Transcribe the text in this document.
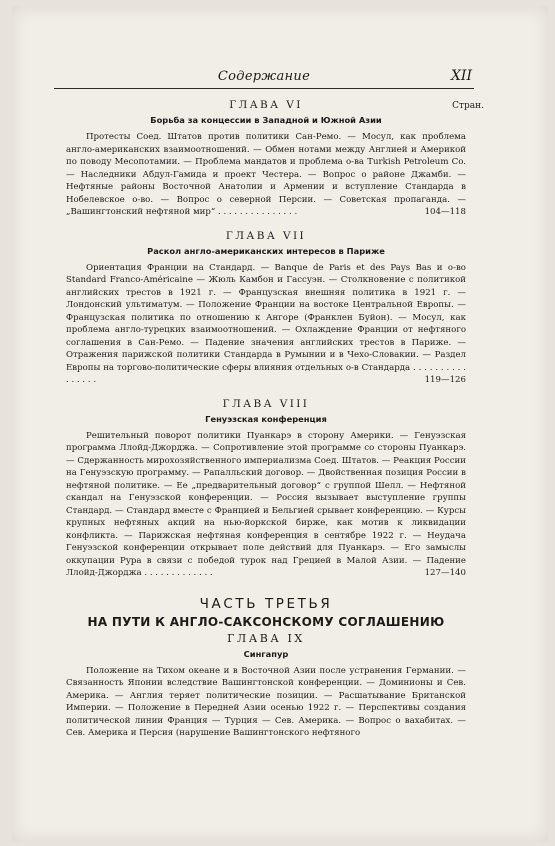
Содержание	XII
Стран.

ГЛАВА VI

Борьба за концессии в Западной и Южной Азии

Протесты Соед. Штатов против политики Сан-Ремо. — Мосул, как проблема англо-американских взаимоотношений. — Обмен нотами между Англией и Америкой по поводу Месопотамии. — Проблема мандатов и проблема о-ва Turkish Petroleum Co. — Наследники Абдул-Гамида и проект Честера. — Вопрос о районе Джамби. — Нефтяные районы Восточной Анатолии и Армении и вступление Стандарда в Нобелевское о-во. — Вопрос о северной Персии. — Советская пропаганда. — „Вашингтонский нефтяной мир“ . . . . . . . . . . . . . . .	104—118

ГЛАВА VII

Раскол англо-американских интересов в Париже

Ориентация Франции на Стандард. — Banque de Paris et des Pays Bas и о-во Standard Franco-Américaine — Жюль Камбон и Гассуэн. — Столкновение с политикой английских трестов в 1921 г. — Французская внешняя политика в 1921 г. — Лондонский ультиматум. — Положение Франции на востоке Центральной Европы. — Французская политика по отношению к Ангоре (Франклен Буйон). — Мосул, как проблема англо-турецких взаимоотношений. — Охлаждение Франции от нефтяного соглашения в Сан-Ремо. — Падение значения английских трестов в Париже. — Отражения парижской политики Стандарда в Румынии и в Чехо-Словакии. — Раздел Европы на торгово-политические сферы влияния отдельных о-в Стандарда . . . . . . . . . . . . . . . .	119—126

ГЛАВА VIII

Генуэзская конференция

Решительный поворот политики Пуанкарэ в сторону Америки. — Генуэзская программа Ллойд-Джорджа. — Сопротивление этой программе со стороны Пуанкарэ. — Сдержанность мирохозяйственного империализма Соед. Штатов. — Реакция России на Генуэзскую программу. — Рапалльский договор. — Двойственная позиция России в нефтяной политике. — Ее „предварительный договор“ с группой Шелл. — Нефтяной скандал на Генуэзской конференции. — Россия вызывает выступление группы Стандард. — Стандард вместе с Францией и Бельгией срывает конференцию. — Курсы крупных нефтяных акций на нью-йоркской бирже, как мотив к ликвидации конфликта. — Парижская нефтяная конференция в сентябре 1922 г. — Неудача Генуэзской конференции открывает поле действий для Пуанкарэ. — Его замыслы оккупации Рура в связи с победой турок над Грецией в Малой Азии. — Падение Ллойд-Джорджа . . . . . . . . . . . . .	127—140

ЧАСТЬ ТРЕТЬЯ

НА ПУТИ К АНГЛО-САКСОНСКОМУ СОГЛАШЕНИЮ

ГЛАВА IX

Сингапур

Положение на Тихом океане и в Восточной Азии после устранения Германии. — Связанность Японии вследствие Вашингтонской конференции. — Доминионы и Сев. Америка. — Англия теряет политические позиции. — Расшатывание Британской Империи. — Положение в Передней Азии осенью 1922 г. — Перспективы создания политической линии Франция — Турция — Сев. Америка. — Вопрос о вахабитах. — Сев. Америка и Персия (нарушение Вашингтонского нефтяного
